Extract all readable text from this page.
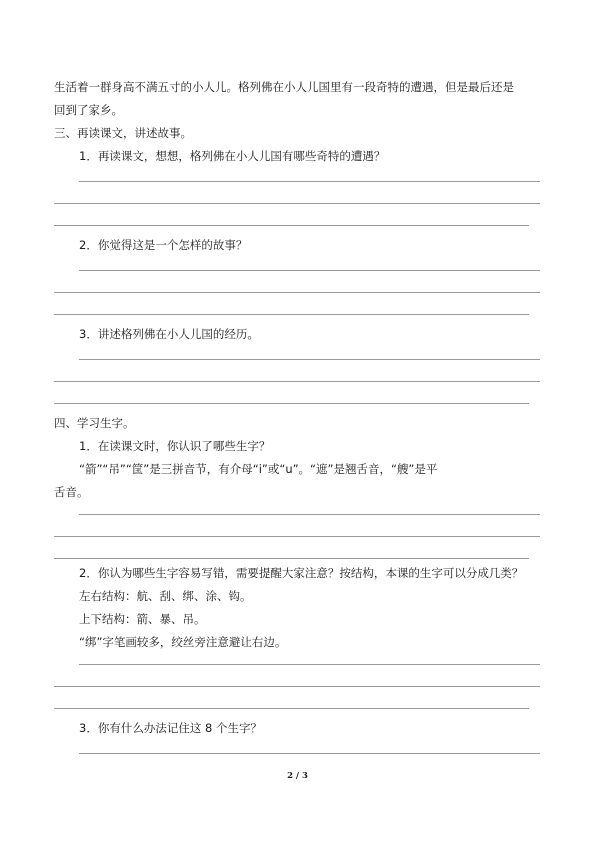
生活着一群身高不满五寸的小人儿。格列佛在小人儿国里有一段奇特的遭遇，但是最后还是
回到了家乡。
三、再读课文，讲述故事。
1．再读课文，想想，格列佛在小人儿国有哪些奇特的遭遇？
2．你觉得这是一个怎样的故事？
3．讲述格列佛在小人儿国的经历。
四、学习生字。
1．在读课文时，你认识了哪些生字？
“箭”“吊”“筐”是三拼音节，有介母“i”或“u”。“遮”是翘舌音，“艘”是平
舌音。
2．你认为哪些生字容易写错，需要提醒大家注意？按结构，本课的生字可以分成几类？
左右结构：航、刮、绑、涂、钩。
上下结构：箭、暴、吊。
“绑”字笔画较多，绞丝旁注意避让右边。
3．你有什么办法记住这 8 个生字？
2 / 3
